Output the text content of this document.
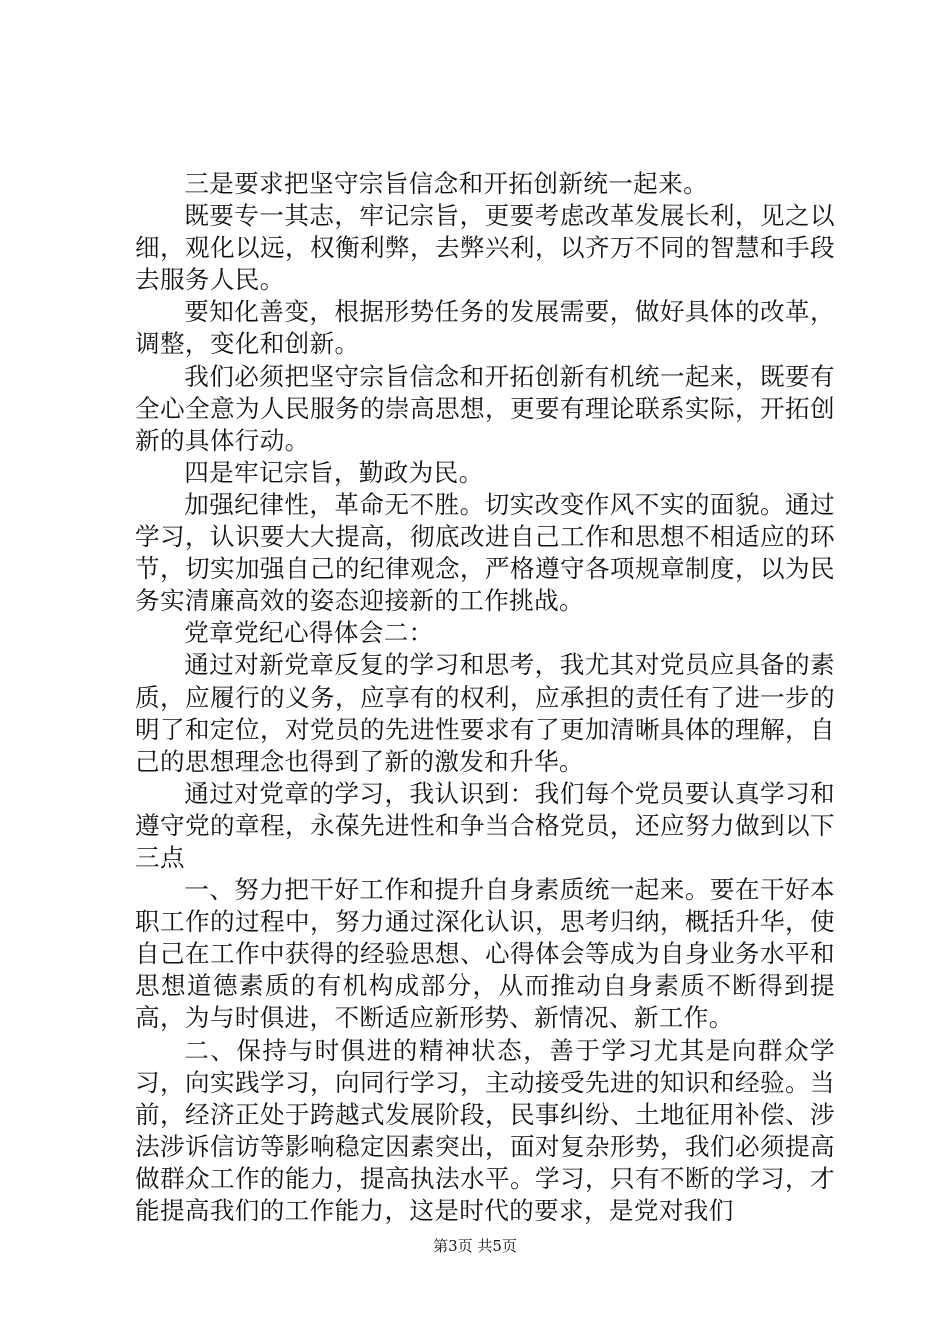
三是要求把坚守宗旨信念和开拓创新统一起来。

既要专一其志，牢记宗旨，更要考虑改革发展长利，见之以细，观化以远，权衡利弊，去弊兴利，以齐万不同的智慧和手段去服务人民。

要知化善变，根据形势任务的发展需要，做好具体的改革，调整，变化和创新。

我们必须把坚守宗旨信念和开拓创新有机统一起来，既要有全心全意为人民服务的崇高思想，更要有理论联系实际，开拓创新的具体行动。

四是牢记宗旨，勤政为民。

加强纪律性，革命无不胜。切实改变作风不实的面貌。通过学习，认识要大大提高，彻底改进自己工作和思想不相适应的环节，切实加强自己的纪律观念，严格遵守各项规章制度，以为民务实清廉高效的姿态迎接新的工作挑战。

党章党纪心得体会二：

通过对新党章反复的学习和思考，我尤其对党员应具备的素质，应履行的义务，应享有的权利，应承担的责任有了进一步的明了和定位，对党员的先进性要求有了更加清晰具体的理解，自己的思想理念也得到了新的激发和升华。

通过对党章的学习，我认识到：我们每个党员要认真学习和遵守党的章程，永葆先进性和争当合格党员，还应努力做到以下三点

一、努力把干好工作和提升自身素质统一起来。要在干好本职工作的过程中，努力通过深化认识，思考归纳，概括升华，使自己在工作中获得的经验思想、心得体会等成为自身业务水平和思想道德素质的有机构成部分，从而推动自身素质不断得到提高，为与时俱进，不断适应新形势、新情况、新工作。

二、保持与时俱进的精神状态，善于学习尤其是向群众学习，向实践学习，向同行学习，主动接受先进的知识和经验。当前，经济正处于跨越式发展阶段，民事纠纷、土地征用补偿、涉法涉诉信访等影响稳定因素突出，面对复杂形势，我们必须提高做群众工作的能力，提高执法水平。学习，只有不断的学习，才能提高我们的工作能力，这是时代的要求，是党对我们

第3页 共5页
